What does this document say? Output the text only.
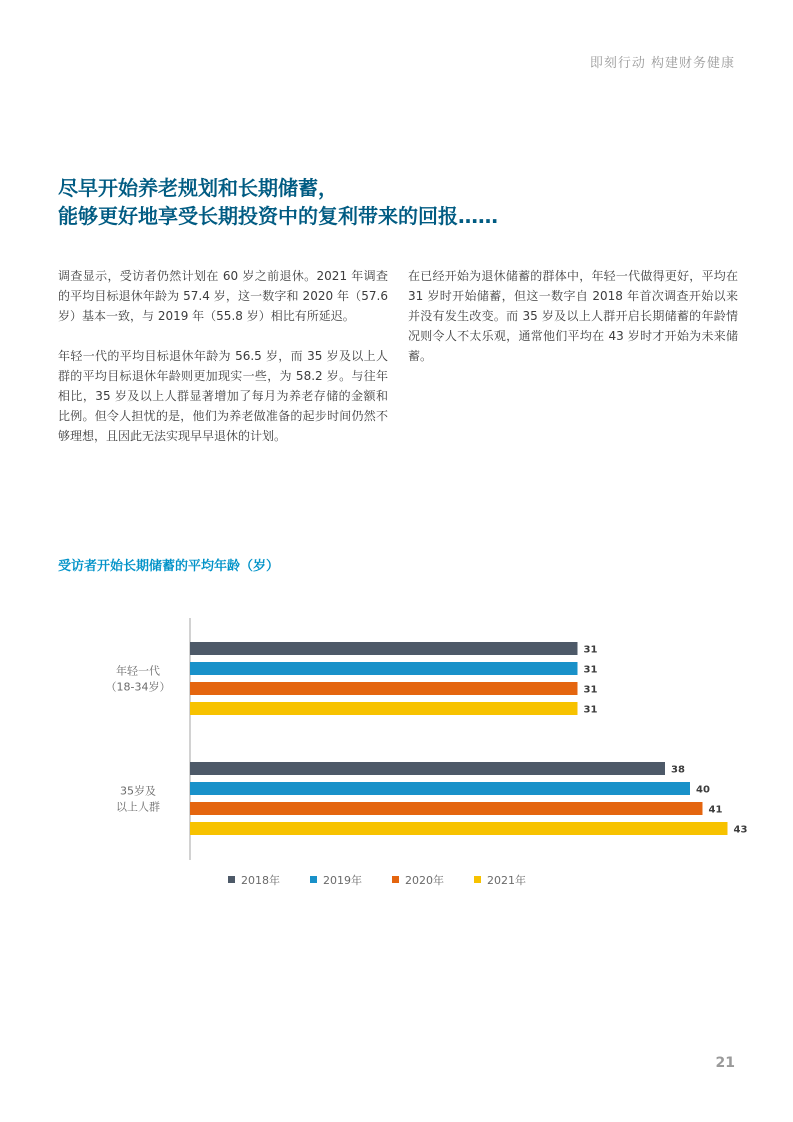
即刻行动 构建财务健康
尽早开始养老规划和长期储蓄，
能够更好地享受长期投资中的复利带来的回报……

调查显示，受访者仍然计划在 60 岁之前退休。2021 年调查的平均目标退休年龄为 57.4 岁，这一数字和 2020 年（57.6 岁）基本一致，与 2019 年（55.8 岁）相比有所延迟。

年轻一代的平均目标退休年龄为 56.5 岁，而 35 岁及以上人群的平均目标退休年龄则更加现实一些，为 58.2 岁。与往年相比，35 岁及以上人群显著增加了每月为养老存储的金额和比例。但令人担忧的是，他们为养老做准备的起步时间仍然不够理想，且因此无法实现早早退休的计划。

在已经开始为退休储蓄的群体中，年轻一代做得更好，平均在 31 岁时开始储蓄，但这一数字自 2018 年首次调查开始以来并没有发生改变。而 35 岁及以上人群开启长期储蓄的年龄情况则令人不太乐观，通常他们平均在 43 岁时才开始为未来储蓄。

受访者开始长期储蓄的平均年龄（岁）
31
31
31
31
年轻一代
（18-34岁）
38
40
41
43
35岁及
以上人群
2018年	2019年	2020年	2021年
21
